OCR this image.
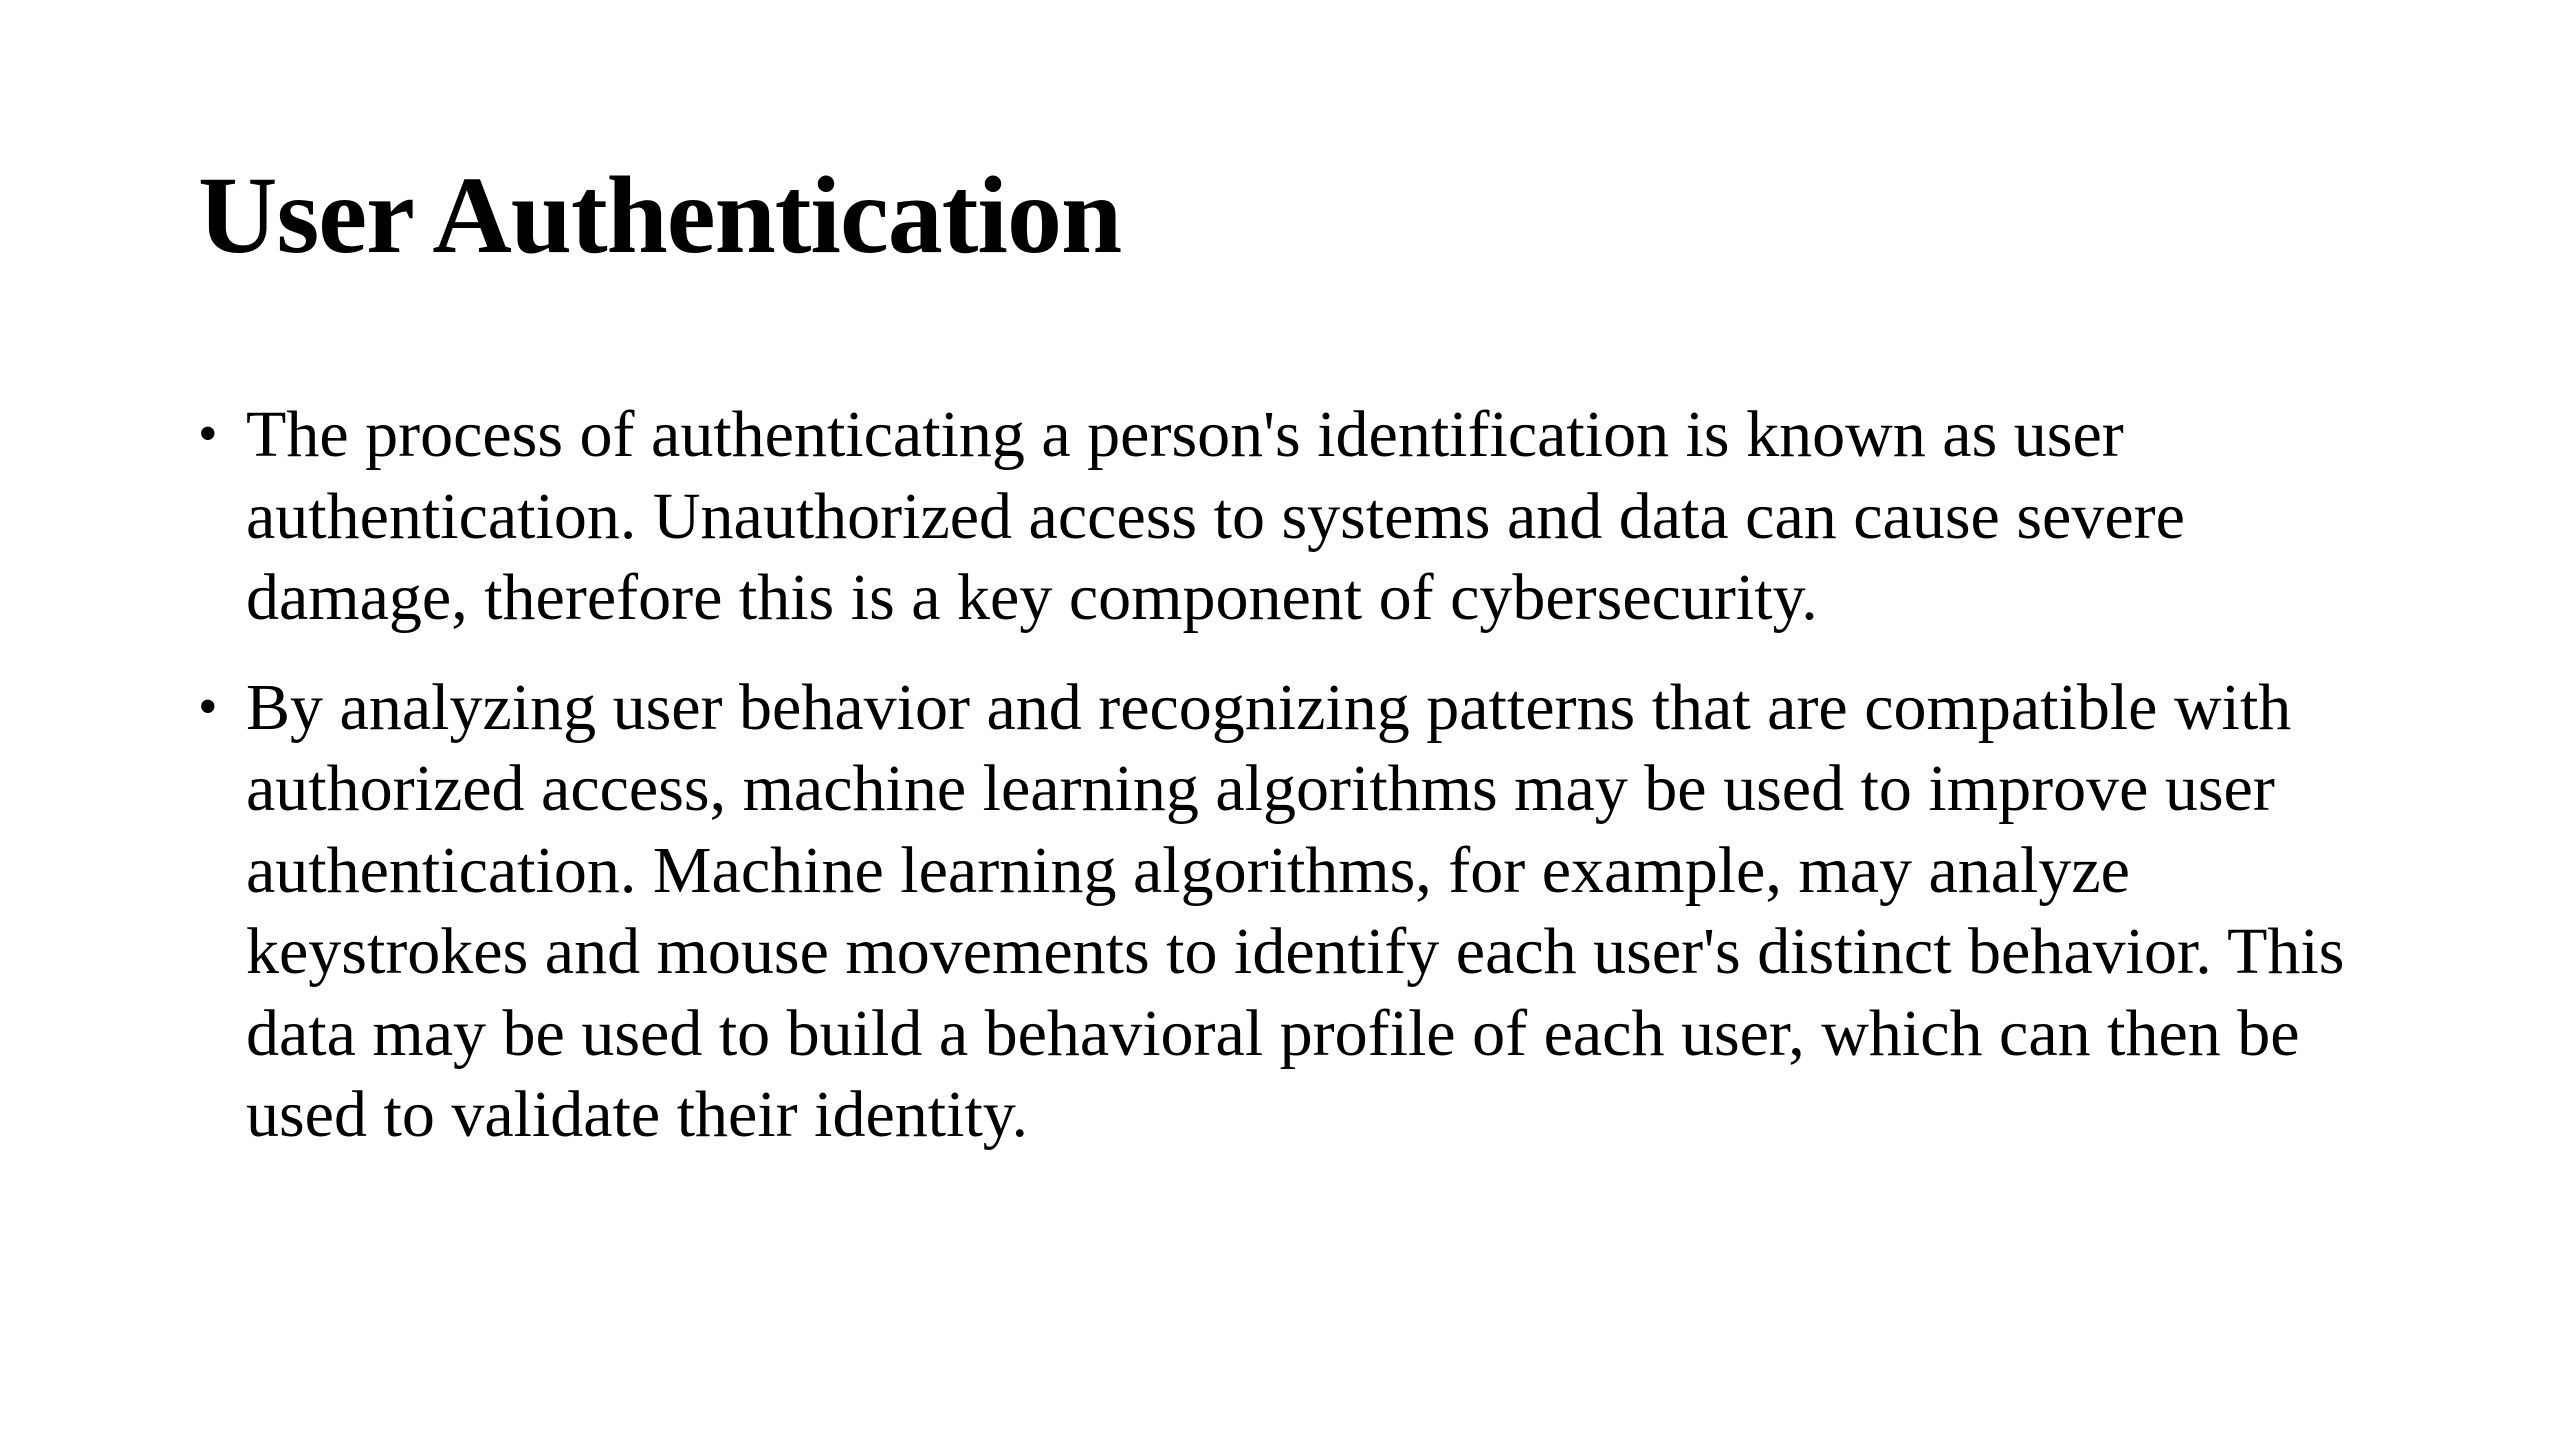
User Authentication
• The process of authenticating a person's identification is known as user authentication. Unauthorized access to systems and data can cause severe damage, therefore this is a key component of cybersecurity.
• By analyzing user behavior and recognizing patterns that are compatible with authorized access, machine learning algorithms may be used to improve user authentication. Machine learning algorithms, for example, may analyze keystrokes and mouse movements to identify each user's distinct behavior. This data may be used to build a behavioral profile of each user, which can then be used to validate their identity.
